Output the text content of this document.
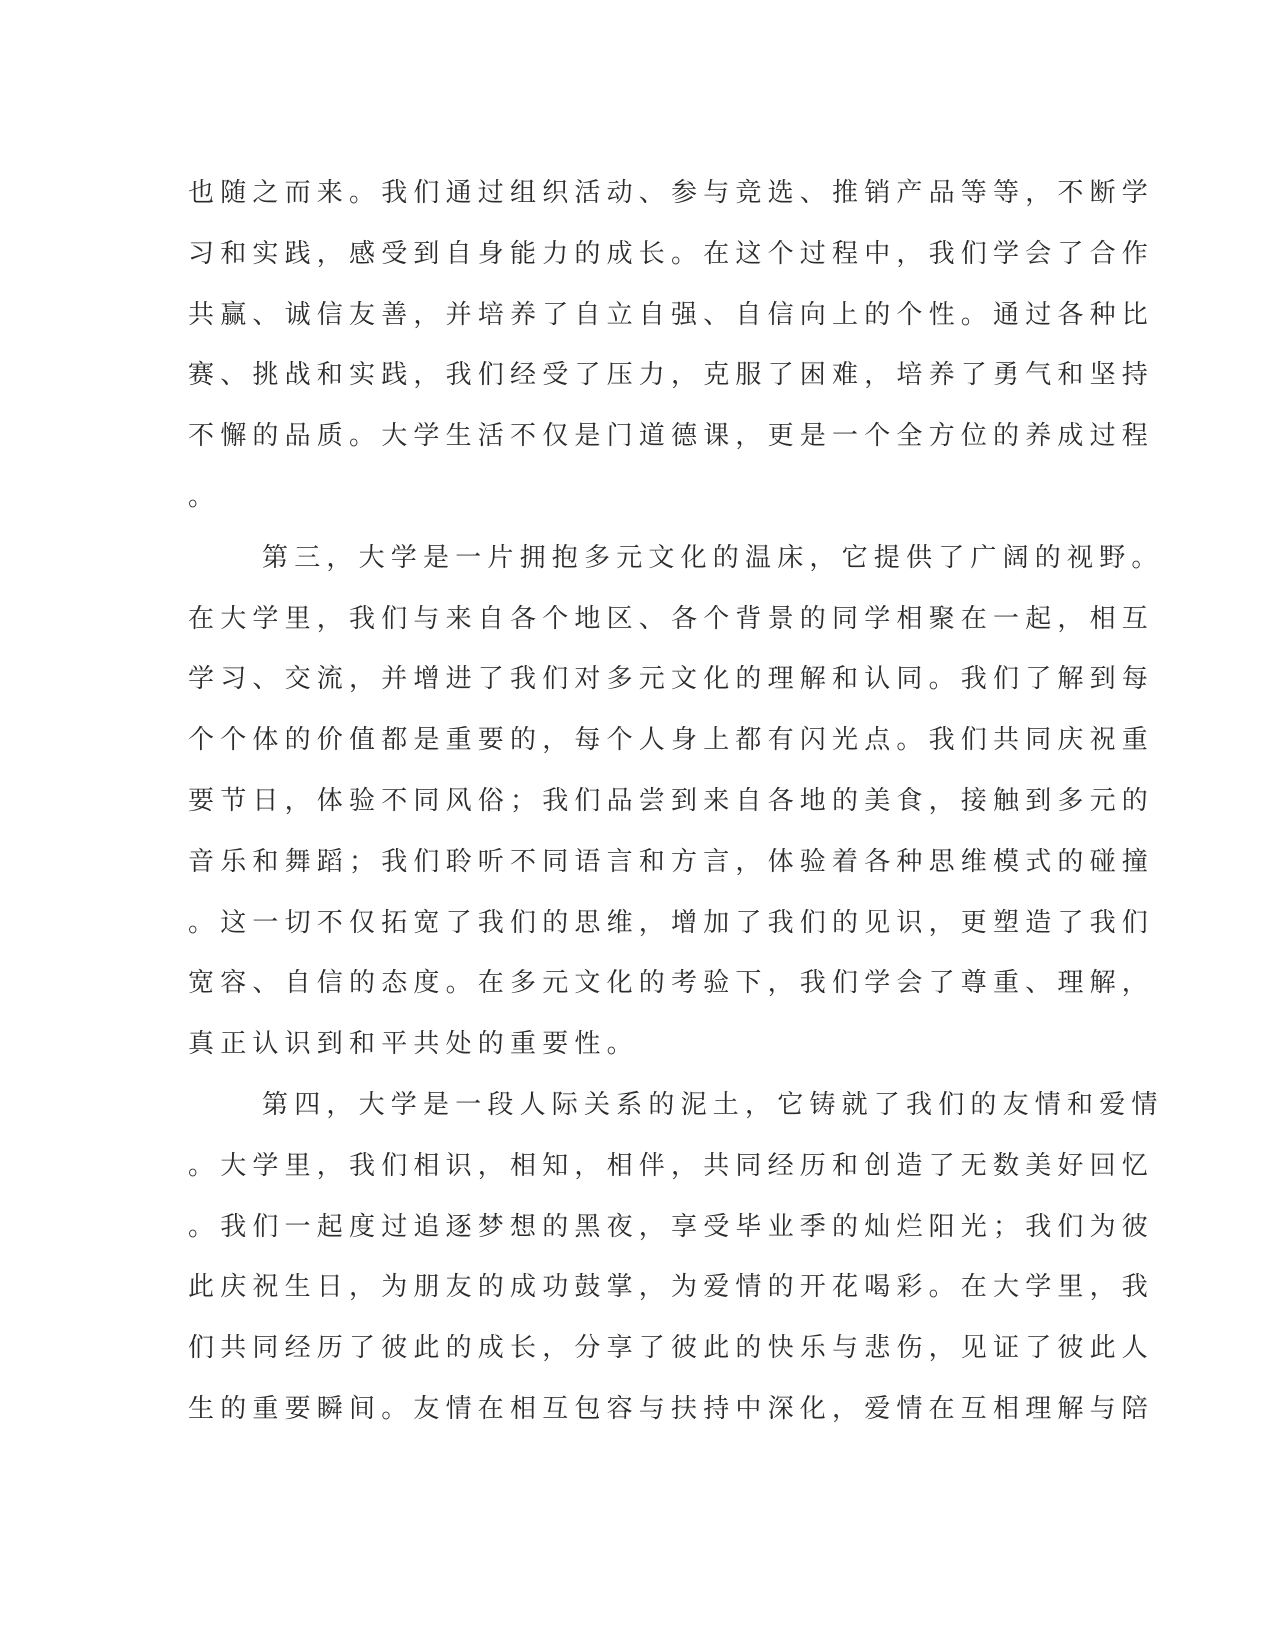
也随之而来。我们通过组织活动、参与竞选、推销产品等等，不断学
习和实践，感受到自身能力的成长。在这个过程中，我们学会了合作
共赢、诚信友善，并培养了自立自强、自信向上的个性。通过各种比
赛、挑战和实践，我们经受了压力，克服了困难，培养了勇气和坚持
不懈的品质。大学生活不仅是门道德课，更是一个全方位的养成过程
。
第三，大学是一片拥抱多元文化的温床，它提供了广阔的视野。
在大学里，我们与来自各个地区、各个背景的同学相聚在一起，相互
学习、交流，并增进了我们对多元文化的理解和认同。我们了解到每
个个体的价值都是重要的，每个人身上都有闪光点。我们共同庆祝重
要节日，体验不同风俗；我们品尝到来自各地的美食，接触到多元的
音乐和舞蹈；我们聆听不同语言和方言，体验着各种思维模式的碰撞
。这一切不仅拓宽了我们的思维，增加了我们的见识，更塑造了我们
宽容、自信的态度。在多元文化的考验下，我们学会了尊重、理解，
真正认识到和平共处的重要性。
第四，大学是一段人际关系的泥土，它铸就了我们的友情和爱情
。大学里，我们相识，相知，相伴，共同经历和创造了无数美好回忆
。我们一起度过追逐梦想的黑夜，享受毕业季的灿烂阳光；我们为彼
此庆祝生日，为朋友的成功鼓掌，为爱情的开花喝彩。在大学里，我
们共同经历了彼此的成长，分享了彼此的快乐与悲伤，见证了彼此人
生的重要瞬间。友情在相互包容与扶持中深化，爱情在互相理解与陪
